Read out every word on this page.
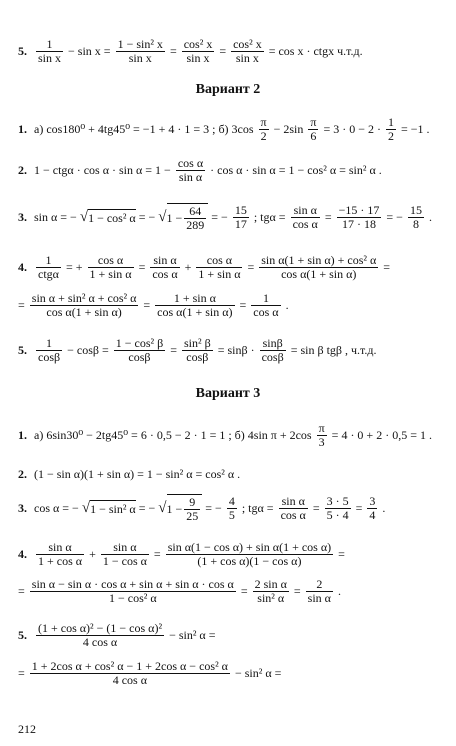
5. $\frac{1}{\text{sin x}} - \sin x = \frac{\text{1 − sin² x}}{\text{sin x}} = \frac{\text{cos² x}}{\text{sin x}} = \frac{\text{cos² x}}{\text{sin x}} = \cos x$ · ctgx ч.т.д.
Вариант 2
1. а) cos180⁰ + 4tg45⁰ = −1 + 4 · 1 = 3 ; б) $3\cos \frac{\pi}{2} - 2\sin \frac{\pi}{6} = 3 \cdot 0 - 2 \cdot \frac{1}{2} = -1$ .
2. $1 - ctg\alpha \cdot \cos \alpha \cdot \sin \alpha = 1 - \frac{\text{cos α}}{\text{sin α}} \cdot \cos \alpha \cdot \sin \alpha = 1 - \cos^2$ α = sin² α .
3. sin α = − √1 − cos² α = − $√1 - \frac{64}{289}$ = − $\frac{15}{17}$ ; $tg\alpha = \frac{\text{sin α}}{\text{cos α}} = \frac{-15 \cdot 17}{17 \cdot 18}$ = − $\frac{15}{8}$ .
4. $\frac{1}{\text{ctgα}}$ = + $\frac{\text{cos α}}{\text{1 + sin α}} = \frac{\text{sin α}}{\text{cos α}} + \frac{\text{cos α}}{\text{1 + sin α}} = \frac{\text{sin α(1 + sin α) + cos² α}}{\text{cos α(1 + sin α)}}$ =
= $\frac{\text{sin α + sin² α + cos² α}}{\text{cos α(1 + sin α)}} = \frac{\text{1 + sin α}}{\text{cos α(1 + sin α)}} = \frac{1}{\text{cos α}}$ .
5. $\frac{1}{\cos\beta} - \cos\beta = \frac{\text{1 − cos² β}}{\cos\beta} = \frac{\text{sin² β}}{\cos\beta} = \sin\beta \cdot \frac{\sin\beta}{\cos\beta} = \sin \beta$ tgβ , ч.т.д.
Вариант 3
1. а) 6sin30⁰ − 2tg45⁰ = 6 · 0,5 − 2 · 1 = 1 ; б) 4sin $\pi + 2\cos \frac{\pi}{3} = 4 \cdot 0 + 2 \cdot 0,5 = 1$ .
2. (1 − sin α)(1 + sin α) = 1 − sin² α = cos² α .
3. cos α = − √1 − sin² α = − $√1 - \frac{9}{25}$ = − $\frac{4}{5}$ ; $tg\alpha = \frac{\text{sin α}}{\text{cos α}} = \frac{3 \cdot 5}{5 \cdot 4} = \frac{3}{4}$ .
4. $\frac{\text{sin α}}{\text{1 + cos α}} + \frac{\text{sin α}}{\text{1 − cos α}} = \frac{\text{sin α(1 − cos α) + sin α(1 + cos α)}}{\text{(1 + cos α)(1 − cos α)}}$ =
= $\frac{\text{sin α − sin α · cos α + sin α + sin α · cos α}}{\text{1 − cos² α}} = \frac{\text{2 sin α}}{\text{sin² α}} = \frac{2}{\text{sin α}}$ .
5. $\frac{\text{(1 + cos α)² − (1 − cos α)²}}{\text{4 cos α}} - \sin^2$ α =
= $\frac{\text{1 + 2cos α + cos² α − 1 + 2cos α − cos² α}}{\text{4 cos α}} - \sin^2$ α =
212
